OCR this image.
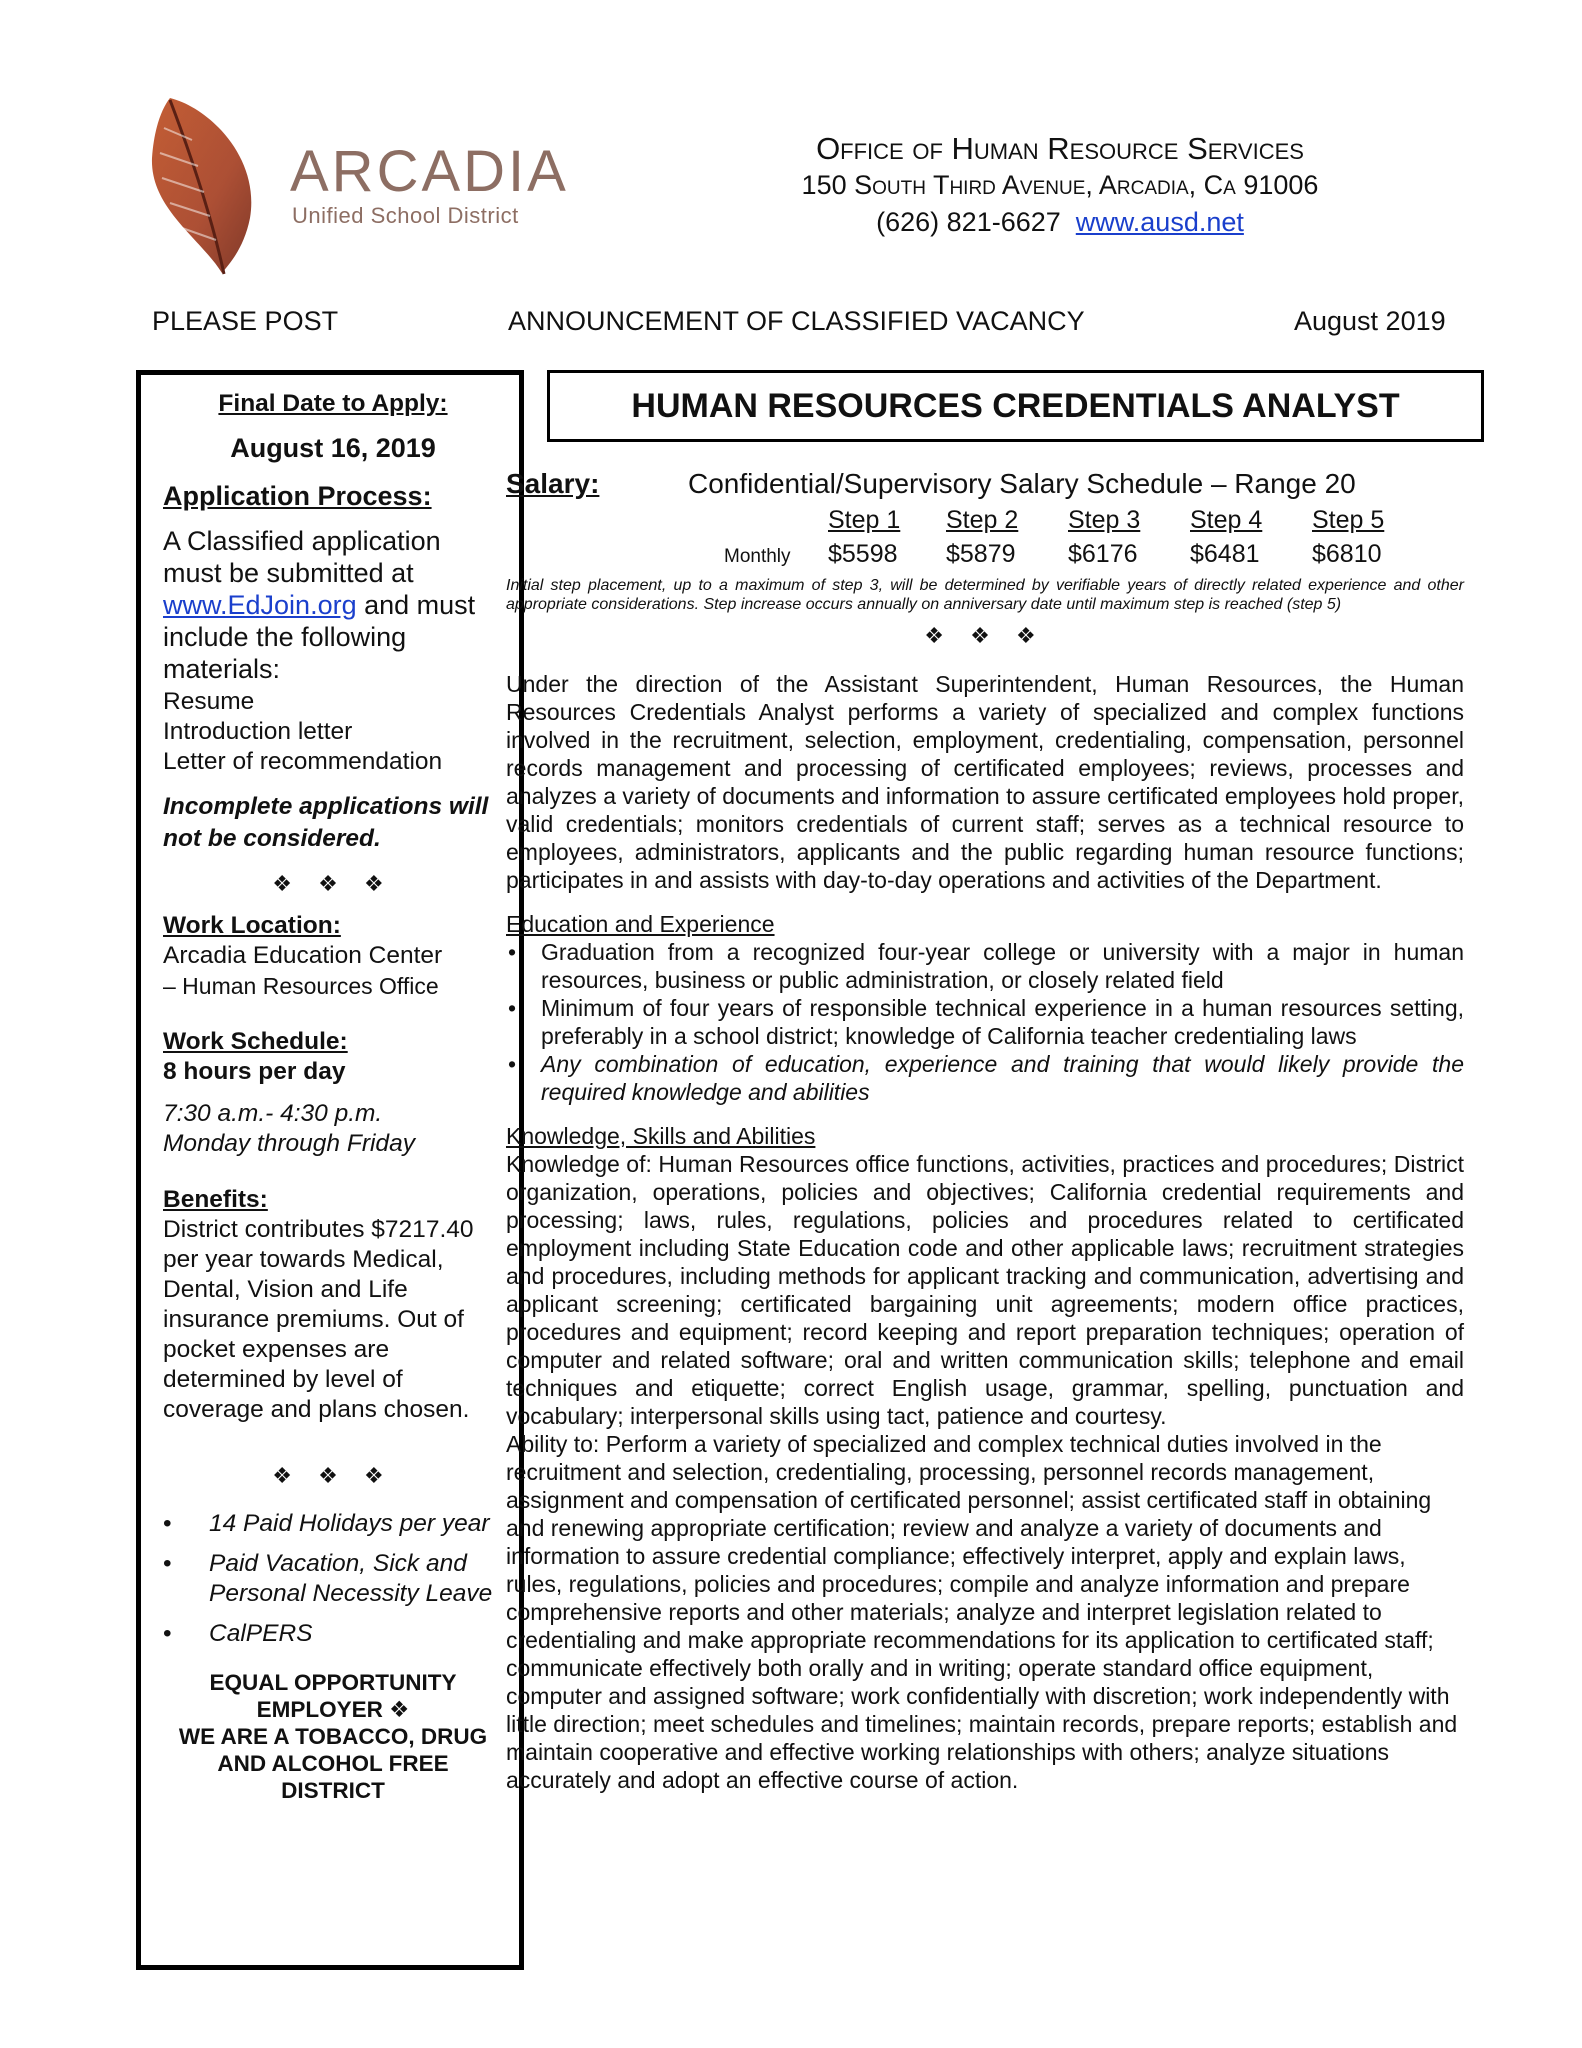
ARCADIA
Unified School District
Office of Human Resource Services
150 South Third Avenue, Arcadia, Ca 91006
(626) 821-6627 www.ausd.net
PLEASE POST	ANNOUNCEMENT OF CLASSIFIED VACANCY	August 2019
Final Date to Apply:
August 16, 2019
Application Process:
A Classified application must be submitted at www.EdJoin.org and must include the following materials:
Resume
Introduction letter
Letter of recommendation
Incomplete applications will not be considered.
❖ ❖ ❖
Work Location:
Arcadia Education Center
– Human Resources Office
Work Schedule:
8 hours per day
7:30 a.m.- 4:30 p.m.
Monday through Friday
Benefits:
District contributes $7217.40 per year towards Medical, Dental, Vision and Life insurance premiums. Out of pocket expenses are determined by level of coverage and plans chosen.
❖ ❖ ❖
• 14 Paid Holidays per year
• Paid Vacation, Sick and Personal Necessity Leave
• CalPERS
EQUAL OPPORTUNITY EMPLOYER ❖
WE ARE A TOBACCO, DRUG AND ALCOHOL FREE DISTRICT
HUMAN RESOURCES CREDENTIALS ANALYST
Salary:	Confidential/Supervisory Salary Schedule – Range 20
Monthly
Step 1	Step 2	Step 3	Step 4	Step 5
$5598	$5879	$6176	$6481	$6810
Initial step placement, up to a maximum of step 3, will be determined by verifiable years of directly related experience and other appropriate considerations. Step increase occurs annually on anniversary date until maximum step is reached (step 5)
❖ ❖ ❖
Under the direction of the Assistant Superintendent, Human Resources, the Human Resources Credentials Analyst performs a variety of specialized and complex functions involved in the recruitment, selection, employment, credentialing, compensation, personnel records management and processing of certificated employees; reviews, processes and analyzes a variety of documents and information to assure certificated employees hold proper, valid credentials; monitors credentials of current staff; serves as a technical resource to employees, administrators, applicants and the public regarding human resource functions; participates in and assists with day-to-day operations and activities of the Department.
Education and Experience
• Graduation from a recognized four-year college or university with a major in human resources, business or public administration, or closely related field
• Minimum of four years of responsible technical experience in a human resources setting, preferably in a school district; knowledge of California teacher credentialing laws
• Any combination of education, experience and training that would likely provide the required knowledge and abilities
Knowledge, Skills and Abilities
Knowledge of: Human Resources office functions, activities, practices and procedures; District organization, operations, policies and objectives; California credential requirements and processing; laws, rules, regulations, policies and procedures related to certificated employment including State Education code and other applicable laws; recruitment strategies and procedures, including methods for applicant tracking and communication, advertising and applicant screening; certificated bargaining unit agreements; modern office practices, procedures and equipment; record keeping and report preparation techniques; operation of computer and related software; oral and written communication skills; telephone and email techniques and etiquette; correct English usage, grammar, spelling, punctuation and vocabulary; interpersonal skills using tact, patience and courtesy.
Ability to: Perform a variety of specialized and complex technical duties involved in the recruitment and selection, credentialing, processing, personnel records management, assignment and compensation of certificated personnel; assist certificated staff in obtaining and renewing appropriate certification; review and analyze a variety of documents and information to assure credential compliance; effectively interpret, apply and explain laws, rules, regulations, policies and procedures; compile and analyze information and prepare comprehensive reports and other materials; analyze and interpret legislation related to credentialing and make appropriate recommendations for its application to certificated staff; communicate effectively both orally and in writing; operate standard office equipment, computer and assigned software; work confidentially with discretion; work independently with little direction; meet schedules and timelines; maintain records, prepare reports; establish and maintain cooperative and effective working relationships with others; analyze situations accurately and adopt an effective course of action.
